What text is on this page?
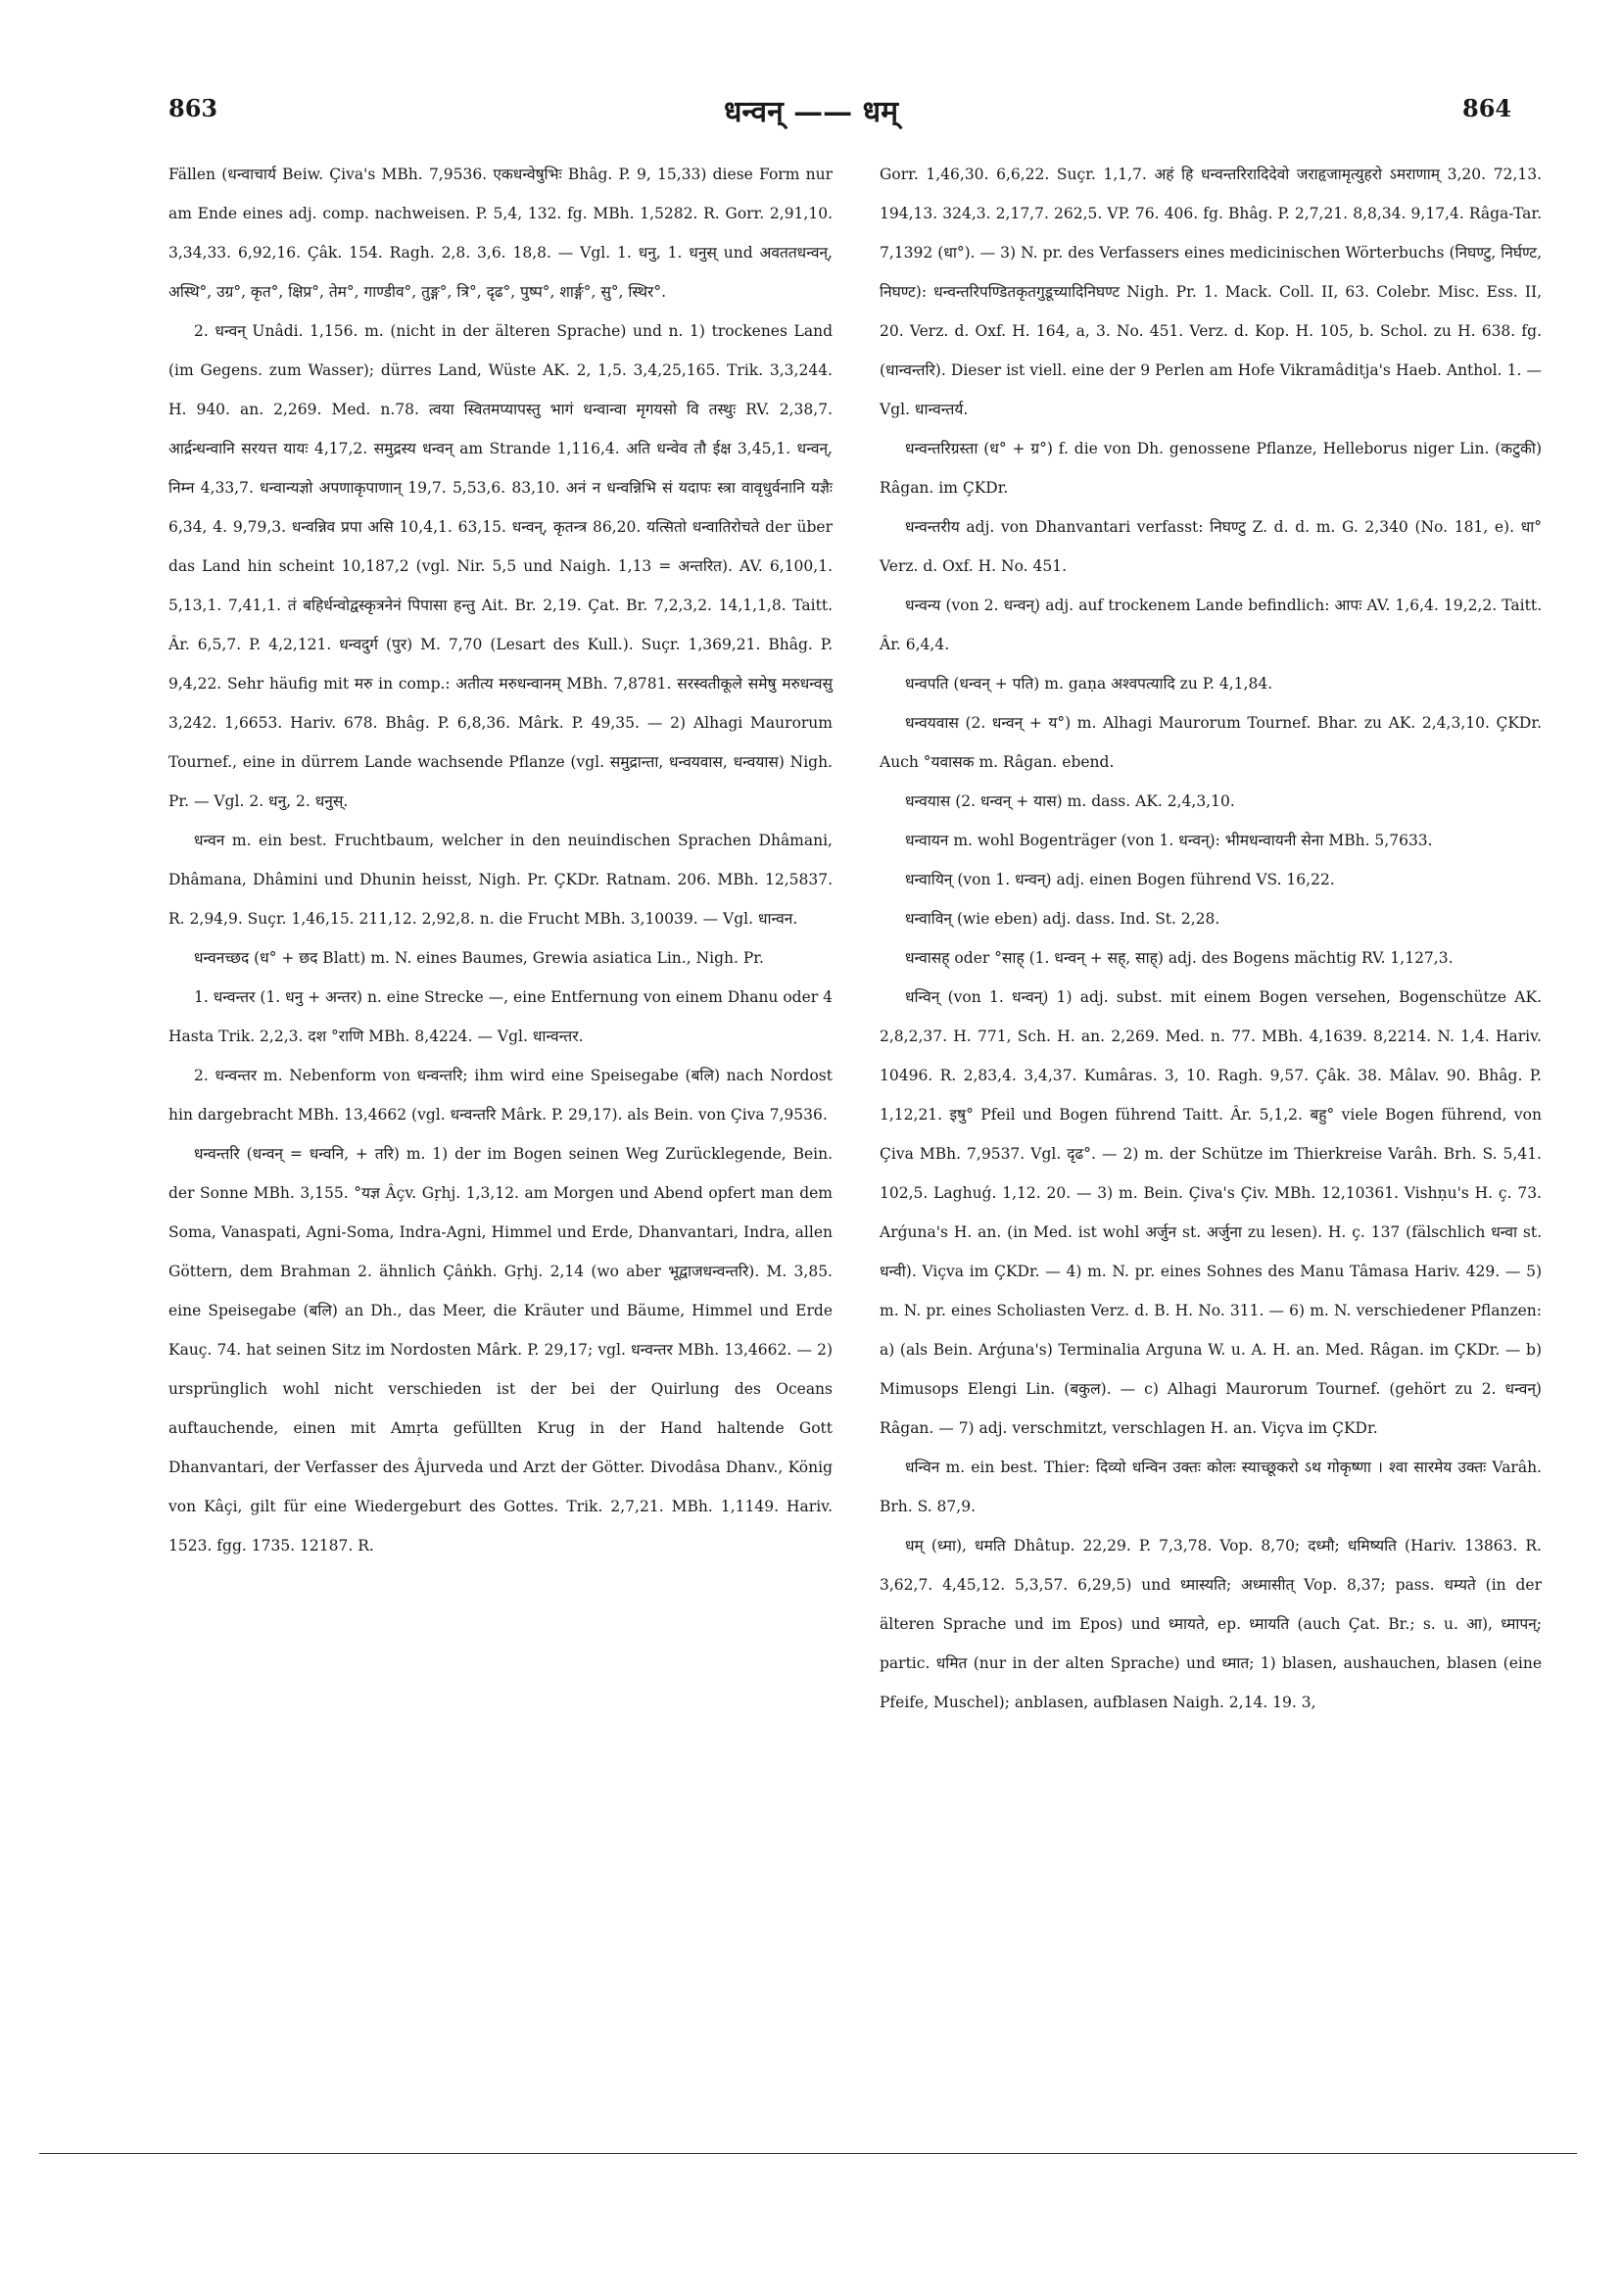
863	धन्वन् —— धम्	864

Fällen (धन्वाचार्य Beiw. Çiva's MBh. 7,9536. एकधन्वेषुभिः Bhâg. P. 9, 15,33) diese Form nur am Ende eines adj. comp. nachweisen. P. 5,4, 132. fg. MBh. 1,5282. R. Gorr. 2,91,10. 3,34,33. 6,92,16. Çâk. 154. Ragh. 2,8. 3,6. 18,8. — Vgl. 1. धनु, 1. धनुस् und अवततधन्वन्, अस्थि°, उग्र°, कृत°, क्षिप्र°, तेम°, गाण्डीव°, तुङ्ग°, त्रि°, दृढ°, पुष्प°, शार्ङ्ग°, सु°, स्थिर°.

2. धन्वन् Unâdi. 1,156. m. (nicht in der älteren Sprache) und n. 1) trockenes Land (im Gegens. zum Wasser); dürres Land, Wüste AK. 2, 1,5. 3,4,25,165. Trik. 3,3,244. H. 940. an. 2,269. Med. n.78. त्वया स्वितमप्यापस्तु भागं धन्वान्वा मृगयसो वि तस्थुः RV. 2,38,7. आर्द्रन्धन्वानि सरयत्त यायः 4,17,2. समुद्रस्य धन्वन् am Strande 1,116,4. अति धन्वेव तौ ईक्ष 3,45,1. धन्वन्, निम्न 4,33,7. धन्वान्यज्ञो अपणाकृपाणान् 19,7. 5,53,6. 83,10. अनं न धन्वन्निभि सं यदापः स्त्रा वावृधुर्वनानि यज्ञैः 6,34, 4. 9,79,3. धन्वन्निव प्रपा असि 10,4,1. 63,15. धन्वन्, कृतन्त्र 86,20. यत्सितो धन्वातिरोचते der über das Land hin scheint 10,187,2 (vgl. Nir. 5,5 und Naigh. 1,13 = अन्तरित). AV. 6,100,1. 5,13,1. 7,41,1. तं बहिर्धन्वोद्वस्कृत्रनेनं पिपासा हन्तु Ait. Br. 2,19. Çat. Br. 7,2,3,2. 14,1,1,8. Taitt. Âr. 6,5,7. P. 4,2,121. धन्वदुर्ग (पुर) M. 7,70 (Lesart des Kull.). Suçr. 1,369,21. Bhâg. P. 9,4,22. Sehr häufig mit मरु in comp.: अतीत्य मरुधन्वानम् MBh. 7,8781. सरस्वतीकूले समेषु मरुधन्वसु 3,242. 1,6653. Hariv. 678. Bhâg. P. 6,8,36. Mârk. P. 49,35. — 2) Alhagi Maurorum Tournef., eine in dürrem Lande wachsende Pflanze (vgl. समुद्रान्ता, धन्वयवास, धन्वयास) Nigh. Pr. — Vgl. 2. धनु, 2. धनुस्.

धन्वन m. ein best. Fruchtbaum, welcher in den neuindischen Sprachen Dhâmani, Dhâmana, Dhâmini und Dhunin heisst, Nigh. Pr. ÇKDr. Ratnam. 206. MBh. 12,5837. R. 2,94,9. Suçr. 1,46,15. 211,12. 2,92,8. n. die Frucht MBh. 3,10039. — Vgl. धान्वन.

धन्वनच्छद (ध° + छद Blatt) m. N. eines Baumes, Grewia asiatica Lin., Nigh. Pr.

1. धन्वन्तर (1. धनु + अन्तर) n. eine Strecke —, eine Entfernung von einem Dhanu oder 4 Hasta Trik. 2,2,3. दश °राणि MBh. 8,4224. — Vgl. धान्वन्तर.

2. धन्वन्तर m. Nebenform von धन्वन्तरि; ihm wird eine Speisegabe (बलि) nach Nordost hin dargebracht MBh. 13,4662 (vgl. धन्वन्तरि Mârk. P. 29,17). als Bein. von Çiva 7,9536.

धन्वन्तरि (धन्वन् = धन्वनि, + तरि) m. 1) der im Bogen seinen Weg Zurücklegende, Bein. der Sonne MBh. 3,155. °यज्ञ Âçv. Gṛhj. 1,3,12. am Morgen und Abend opfert man dem Soma, Vanaspati, Agni-Soma, Indra-Agni, Himmel und Erde, Dhanvantari, Indra, allen Göttern, dem Brahman 2. ähnlich Çâṅkh. Gṛhj. 2,14 (wo aber भूद्वाजधन्वन्तरि). M. 3,85. eine Speisegabe (बलि) an Dh., das Meer, die Kräuter und Bäume, Himmel und Erde Kauç. 74. hat seinen Sitz im Nordosten Mârk. P. 29,17; vgl. धन्वन्तर MBh. 13,4662. — 2) ursprünglich wohl nicht verschieden ist der bei der Quirlung des Oceans auftauchende, einen mit Amṛta gefüllten Krug in der Hand haltende Gott Dhanvantari, der Verfasser des Âjurveda und Arzt der Götter. Divodâsa Dhanv., König von Kâçi, gilt für eine Wiedergeburt des Gottes. Trik. 2,7,21. MBh. 1,1149. Hariv. 1523. fgg. 1735. 12187. R.

Gorr. 1,46,30. 6,6,22. Suçr. 1,1,7. अहं हि धन्वन्तरिरादिदेवो जराहृजामृत्युहरो ऽमराणाम् 3,20. 72,13. 194,13. 324,3. 2,17,7. 262,5. VP. 76. 406. fg. Bhâg. P. 2,7,21. 8,8,34. 9,17,4. Râga-Tar. 7,1392 (धा°). — 3) N. pr. des Verfassers eines medicinischen Wörterbuchs (निघण्टु, निर्घण्ट, निघण्ट): धन्वन्तरिपण्डितकृतगुडूच्यादिनिघण्ट Nigh. Pr. 1. Mack. Coll. II, 63. Colebr. Misc. Ess. II, 20. Verz. d. Oxf. H. 164, a, 3. No. 451. Verz. d. Kop. H. 105, b. Schol. zu H. 638. fg. (धान्वन्तरि). Dieser ist viell. eine der 9 Perlen am Hofe Vikramâditja's Haeb. Anthol. 1. — Vgl. धान्वन्तर्य.

धन्वन्तरिग्रस्ता (ध° + ग्र°) f. die von Dh. genossene Pflanze, Helleborus niger Lin. (कटुकी) Râgan. im ÇKDr.

धन्वन्तरीय adj. von Dhanvantari verfasst: निघण्टु Z. d. d. m. G. 2,340 (No. 181, e). धा° Verz. d. Oxf. H. No. 451.

धन्वन्य (von 2. धन्वन्) adj. auf trockenem Lande befindlich: आपः AV. 1,6,4. 19,2,2. Taitt. Âr. 6,4,4.

धन्वपति (धन्वन् + पति) m. gaṇa अश्वपत्यादि zu P. 4,1,84.

धन्वयवास (2. धन्वन् + य°) m. Alhagi Maurorum Tournef. Bhar. zu AK. 2,4,3,10. ÇKDr. Auch °यवासक m. Râgan. ebend.

धन्वयास (2. धन्वन् + यास) m. dass. AK. 2,4,3,10.

धन्वायन m. wohl Bogenträger (von 1. धन्वन्): भीमधन्वायनी सेना MBh. 5,7633.

धन्वायिन् (von 1. धन्वन्) adj. einen Bogen führend VS. 16,22.

धन्वाविन् (wie eben) adj. dass. Ind. St. 2,28.

धन्वासह् oder °साह् (1. धन्वन् + सह्, साह्) adj. des Bogens mächtig RV. 1,127,3.

धन्विन् (von 1. धन्वन्) 1) adj. subst. mit einem Bogen versehen, Bogenschütze AK. 2,8,2,37. H. 771, Sch. H. an. 2,269. Med. n. 77. MBh. 4,1639. 8,2214. N. 1,4. Hariv. 10496. R. 2,83,4. 3,4,37. Kumâras. 3, 10. Ragh. 9,57. Çâk. 38. Mâlav. 90. Bhâg. P. 1,12,21. इषु° Pfeil und Bogen führend Taitt. Âr. 5,1,2. बहु° viele Bogen führend, von Çiva MBh. 7,9537. Vgl. दृढ°. — 2) m. der Schütze im Thierkreise Varâh. Brh. S. 5,41. 102,5. Laghuǵ. 1,12. 20. — 3) m. Bein. Çiva's Çiv. MBh. 12,10361. Vishṇu's H. ç. 73. Arǵuna's H. an. (in Med. ist wohl अर्जुन st. अर्जुना zu lesen). H. ç. 137 (fälschlich धन्वा st. धन्वी). Viçva im ÇKDr. — 4) m. N. pr. eines Sohnes des Manu Tâmasa Hariv. 429. — 5) m. N. pr. eines Scholiasten Verz. d. B. H. No. 311. — 6) m. N. verschiedener Pflanzen: a) (als Bein. Arǵuna's) Terminalia Arguna W. u. A. H. an. Med. Râgan. im ÇKDr. — b) Mimusops Elengi Lin. (बकुल). — c) Alhagi Maurorum Tournef. (gehört zu 2. धन्वन्) Râgan. — 7) adj. verschmitzt, verschlagen H. an. Viçva im ÇKDr.

धन्विन m. ein best. Thier: दिव्यो धन्विन उक्तः कोलः स्याच्छूकरो ऽथ गोकृष्णा । श्वा सारमेय उक्तः Varâh. Brh. S. 87,9.

धम् (ध्मा), धमति Dhâtup. 22,29. P. 7,3,78. Vop. 8,70; दध्मौ; धमिष्यति (Hariv. 13863. R. 3,62,7. 4,45,12. 5,3,57. 6,29,5) und ध्मास्यति; अध्मासीत् Vop. 8,37; pass. धम्यते (in der älteren Sprache und im Epos) und ध्मायते, ep. ध्मायति (auch Çat. Br.; s. u. आ), ध्मापन्; partic. धमित (nur in der alten Sprache) und ध्मात; 1) blasen, aushauchen, blasen (eine Pfeife, Muschel); anblasen, aufblasen Naigh. 2,14. 19. 3,
